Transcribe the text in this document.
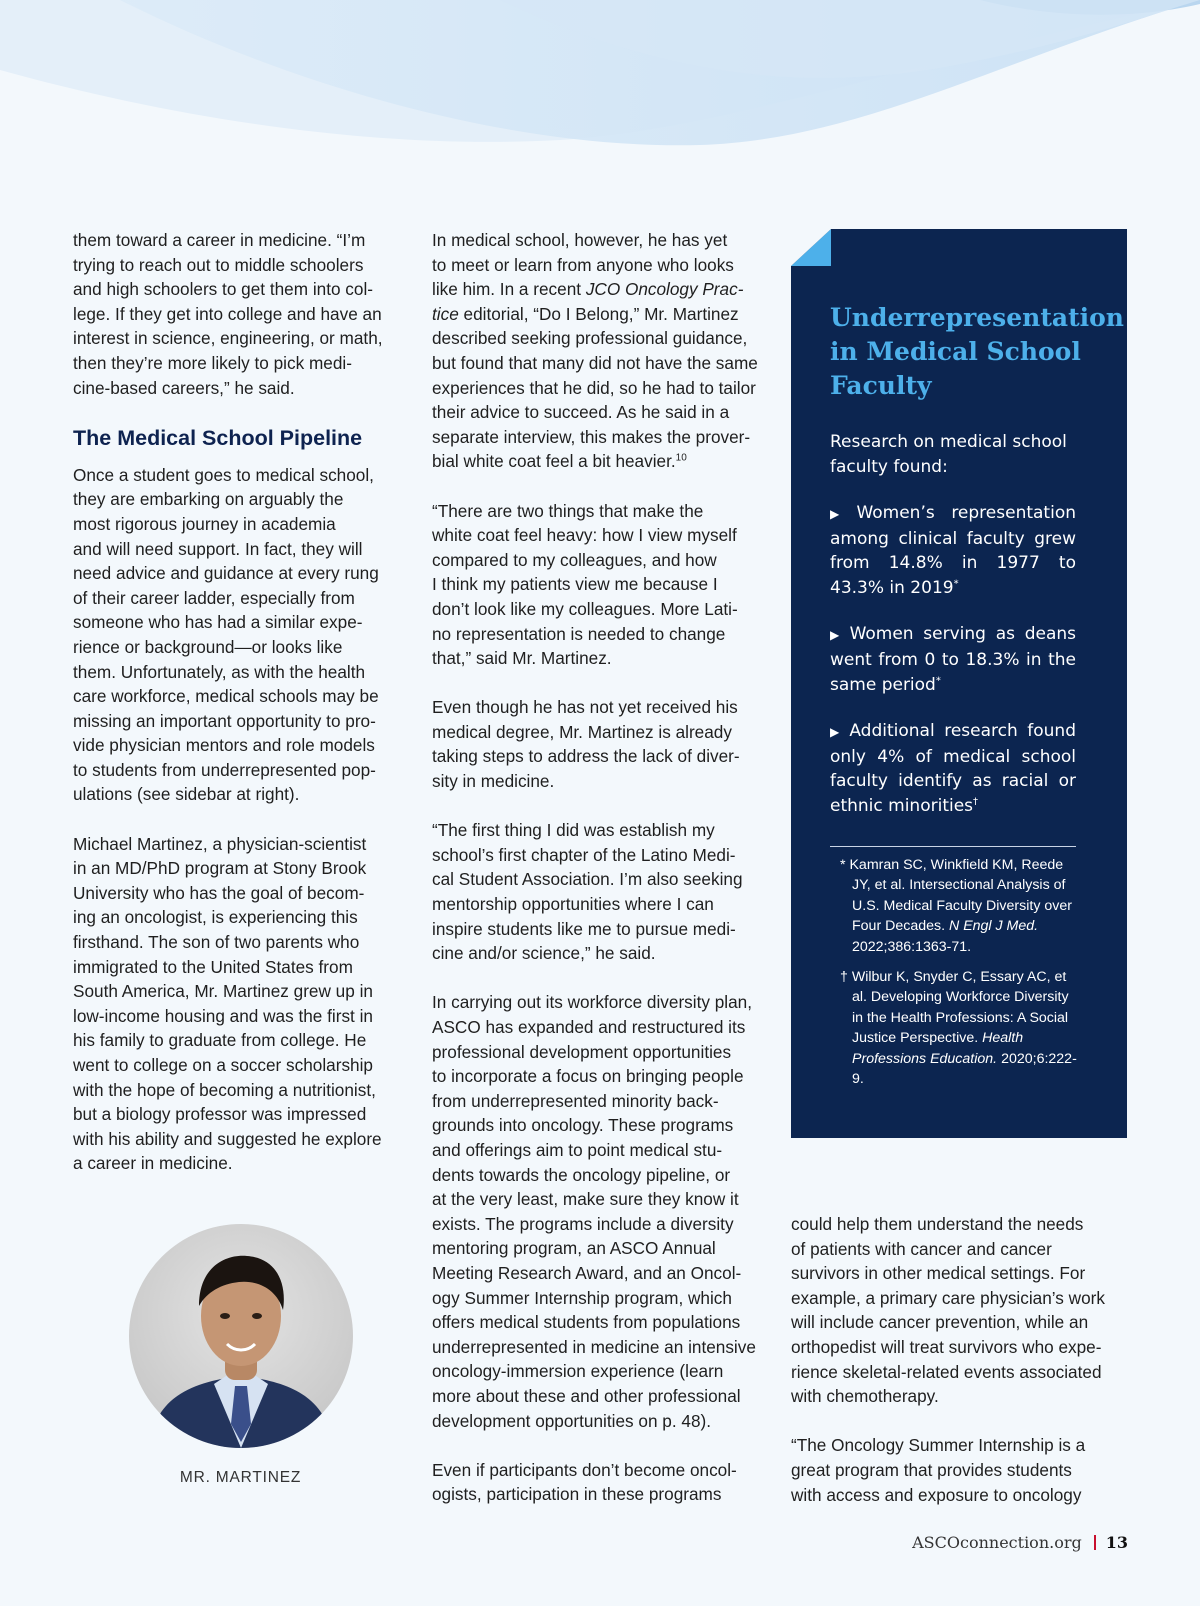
them toward a career in medicine. “I’m
trying to reach out to middle schoolers
and high schoolers to get them into col-
lege. If they get into college and have an
interest in science, engineering, or math,
then they’re more likely to pick medi-
cine-based careers,” he said.

The Medical School Pipeline

Once a student goes to medical school,
they are embarking on arguably the
most rigorous journey in academia
and will need support. In fact, they will
need advice and guidance at every rung
of their career ladder, especially from
someone who has had a similar expe-
rience or background—or looks like
them. Unfortunately, as with the health
care workforce, medical schools may be
missing an important opportunity to pro-
vide physician mentors and role models
to students from underrepresented pop-
ulations (see sidebar at right).

Michael Martinez, a physician-scientist
in an MD/PhD program at Stony Brook
University who has the goal of becom-
ing an oncologist, is experiencing this
firsthand. The son of two parents who
immigrated to the United States from
South America, Mr. Martinez grew up in
low-income housing and was the first in
his family to graduate from college. He
went to college on a soccer scholarship
with the hope of becoming a nutritionist,
but a biology professor was impressed
with his ability and suggested he explore
a career in medicine.

MR. MARTINEZ

In medical school, however, he has yet
to meet or learn from anyone who looks
like him. In a recent JCO Oncology Prac-
tice editorial, “Do I Belong,” Mr. Martinez
described seeking professional guidance,
but found that many did not have the same
experiences that he did, so he had to tailor
their advice to succeed. As he said in a
separate interview, this makes the prover-
bial white coat feel a bit heavier.$^{10}$

“There are two things that make the
white coat feel heavy: how I view myself
compared to my colleagues, and how
I think my patients view me because I
don’t look like my colleagues. More Lati-
no representation is needed to change
that,” said Mr. Martinez.

Even though he has not yet received his
medical degree, Mr. Martinez is already
taking steps to address the lack of diver-
sity in medicine.

“The first thing I did was establish my
school’s first chapter of the Latino Medi-
cal Student Association. I’m also seeking
mentorship opportunities where I can
inspire students like me to pursue medi-
cine and/or science,” he said.

In carrying out its workforce diversity plan,
ASCO has expanded and restructured its
professional development opportunities
to incorporate a focus on bringing people
from underrepresented minority back-
grounds into oncology. These programs
and offerings aim to point medical stu-
dents towards the oncology pipeline, or
at the very least, make sure they know it
exists. The programs include a diversity
mentoring program, an ASCO Annual
Meeting Research Award, and an Oncol-
ogy Summer Internship program, which
offers medical students from populations
underrepresented in medicine an intensive
oncology-immersion experience (learn
more about these and other professional
development opportunities on p. 48).

Even if participants don’t become oncol-
ogists, participation in these programs

Underrepresentation
in Medical School
Faculty
Research on medical school faculty found:
▶ Women’s representation among clinical faculty grew from 14.8% in 1977 to 43.3% in 2019*
▶ Women serving as deans went from 0 to 18.3% in the same period*
▶ Additional research found only 4% of medical school faculty identify as racial or ethnic minorities†
* Kamran SC, Winkfield KM, Reede JY, et al. Intersectional Analysis of U.S. Medical Faculty Diversity over Four Decades. N Engl J Med. 2022;386:1363-71.
† Wilbur K, Snyder C, Essary AC, et al. Developing Workforce Diversity in the Health Professions: A Social Justice Perspective. Health Professions Education. 2020;6:222-9.

could help them understand the needs
of patients with cancer and cancer
survivors in other medical settings. For
example, a primary care physician’s work
will include cancer prevention, while an
orthopedist will treat survivors who expe-
rience skeletal-related events associated
with chemotherapy.

“The Oncology Summer Internship is a
great program that provides students
with access and exposure to oncology

ASCOconnection.org 13
